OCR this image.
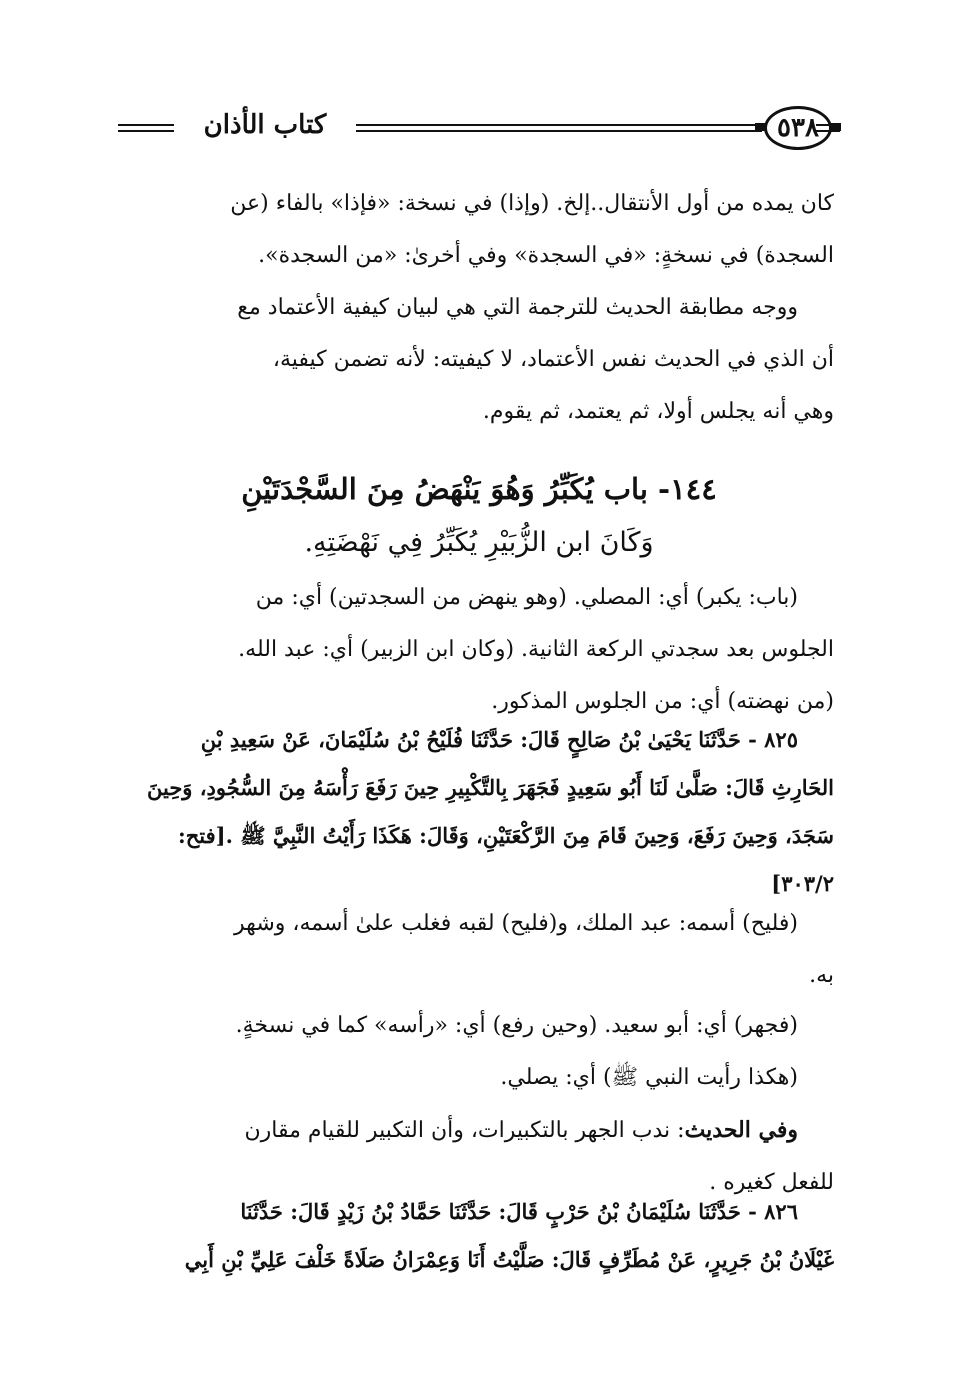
كتاب الأذان	٥٣٨
كان يمده من أول الأنتقال..إلخ. (وإذا) في نسخة: «فإذا» بالفاء (عن
السجدة) في نسخةٍ: «في السجدة» وفي أخرىٰ: «من السجدة».
ووجه مطابقة الحديث للترجمة التي هي لبيان كيفية الأعتماد مع
أن الذي في الحديث نفس الأعتماد، لا كيفيته: لأنه تضمن كيفية،
وهي أنه يجلس أولا، ثم يعتمد، ثم يقوم.
١٤٤- باب يُكَبِّرُ وَهُوَ يَنْهَضُ مِنَ السَّجْدَتَيْنِ
وَكَانَ ابن الزُّبَيْرِ يُكَبِّرُ فِي نَهْضَتِهِ.
(باب: يكبر) أي: المصلي. (وهو ينهض من السجدتين) أي: من
الجلوس بعد سجدتي الركعة الثانية. (وكان ابن الزبير) أي: عبد الله.
(من نهضته) أي: من الجلوس المذكور.
٨٢٥ - حَدَّثَنَا يَحْيَىٰ بْنُ صَالِحٍ قَالَ: حَدَّثَنَا فُلَيْحُ بْنُ سُلَيْمَانَ، عَنْ سَعِيدِ بْنِ
الحَارِثِ قَالَ: صَلَّىٰ لَنَا أَبُو سَعِيدٍ فَجَهَرَ بِالتَّكْبِيرِ حِينَ رَفَعَ رَأْسَهُ مِنَ السُّجُودِ، وَحِينَ
سَجَدَ، وَحِينَ رَفَعَ، وَحِينَ قَامَ مِنَ الرَّكْعَتَيْنِ، وَقَالَ: هَكَذَا رَأَيْتُ النَّبِيَّ ﷺ .[فتح:
٣٠٣/٢]
(فليح) أسمه: عبد الملك، و(فليح) لقبه فغلب علىٰ أسمه، وشهر
به.
(فجهر) أي: أبو سعيد. (وحين رفع) أي: «رأسه» كما في نسخةٍ.
(هكذا رأيت النبي ﷺ) أي: يصلي.
وفي الحديث: ندب الجهر بالتكبيرات، وأن التكبير للقيام مقارن
للفعل كغيره .
٨٢٦ - حَدَّثَنَا سُلَيْمَانُ بْنُ حَرْبٍ قَالَ: حَدَّثَنَا حَمَّادُ بْنُ زَيْدٍ قَالَ: حَدَّثَنَا
غَيْلَانُ بْنُ جَرِيرٍ، عَنْ مُطَرِّفٍ قَالَ: صَلَّيْتُ أَنَا وَعِمْرَانُ صَلَاةً خَلْفَ عَلِيِّ بْنِ أَبِي
